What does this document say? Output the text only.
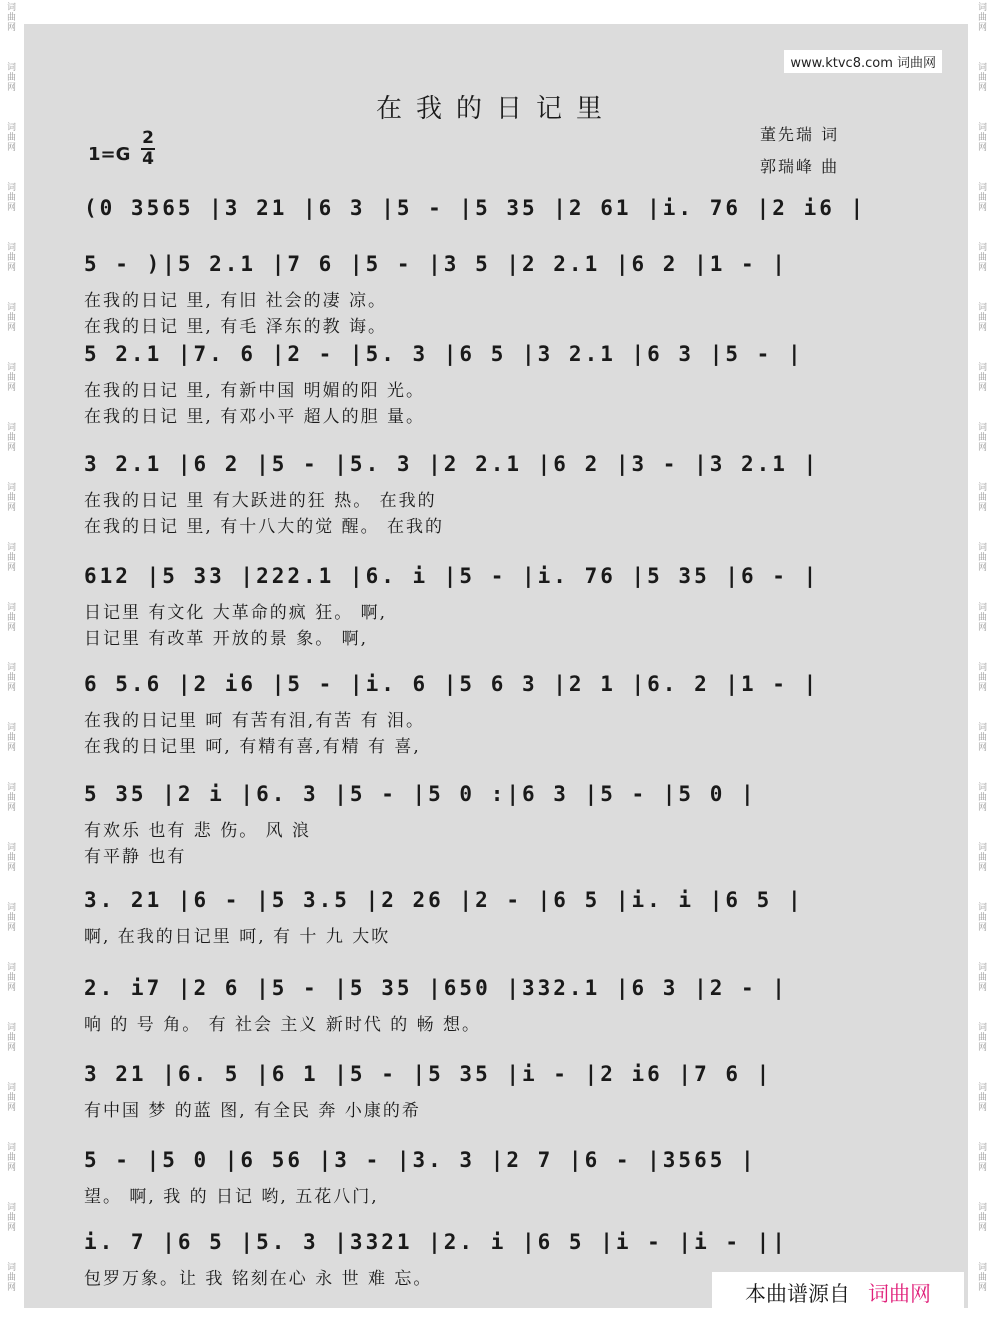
词曲网
词曲网
词曲网
词曲网
词曲网
词曲网
词曲网
词曲网
词曲网
词曲网
词曲网
词曲网
词曲网
词曲网
词曲网
词曲网
词曲网
词曲网
词曲网
词曲网
词曲网
词曲网
词曲网
词曲网
词曲网
词曲网
词曲网
词曲网
词曲网
词曲网
词曲网
词曲网
词曲网
词曲网
词曲网
词曲网
词曲网
词曲网
词曲网
词曲网
词曲网
词曲网
词曲网
词曲网
www.ktvc8.com 词曲网
在我的日记里
董先瑞 词
郭瑞峰 曲
1=G
2
4
(0 3565 |3 21 |6 3 |5 - |5 35 |2 61 |i. 76 |2 i6 |
5 - )|5 2.1 |7 6 |5 - |3 5 |2 2.1 |6 2 |1 - |
在我的日记 里, 有旧 社会的凄 凉。
在我的日记 里, 有毛 泽东的教 诲。
5 2.1 |7. 6 |2 - |5. 3 |6 5 |3 2.1 |6 3 |5 - |
在我的日记 里, 有新中国 明媚的阳 光。
在我的日记 里, 有邓小平 超人的胆 量。
3 2.1 |6 2 |5 - |5. 3 |2 2.1 |6 2 |3 - |3 2.1 |
在我的日记 里 有大跃进的狂 热。 在我的
在我的日记 里, 有十八大的觉 醒。 在我的
612 |5 33 |222.1 |6. i |5 - |i. 76 |5 35 |6 - |
日记里 有文化 大革命的疯 狂。 啊,
日记里 有改革 开放的景 象。 啊,
6 5.6 |2 i6 |5 - |i. 6 |5 6 3 |2 1 |6. 2 |1 - |
在我的日记里 呵 有苦有泪,有苦 有 泪。
在我的日记里 呵, 有精有喜,有精 有 喜,
5 35 |2 i |6. 3 |5 - |5 0 :|6 3 |5 - |5 0 |
有欢乐 也有 悲 伤。 风 浪
有平静 也有
3. 21 |6 - |5 3.5 |2 26 |2 - |6 5 |i. i |6 5 |
啊, 在我的日记里 呵, 有 十 九 大吹
2. i7 |2 6 |5 - |5 35 |650 |332.1 |6 3 |2 - |
响 的 号 角。 有 社会 主义 新时代 的 畅 想。
3 21 |6. 5 |6 1 |5 - |5 35 |i - |2 i6 |7 6 |
有中国 梦 的蓝 图, 有全民 奔 小康的希
5 - |5 0 |6 56 |3 - |3. 3 |2 7 |6 - |3565 |
望。 啊, 我 的 日记 哟, 五花八门,
i. 7 |6 5 |5. 3 |3321 |2. i |6 5 |i - |i - ||
包罗万象。让 我 铭刻在心 永 世 难 忘。
本曲谱源自 词曲网
